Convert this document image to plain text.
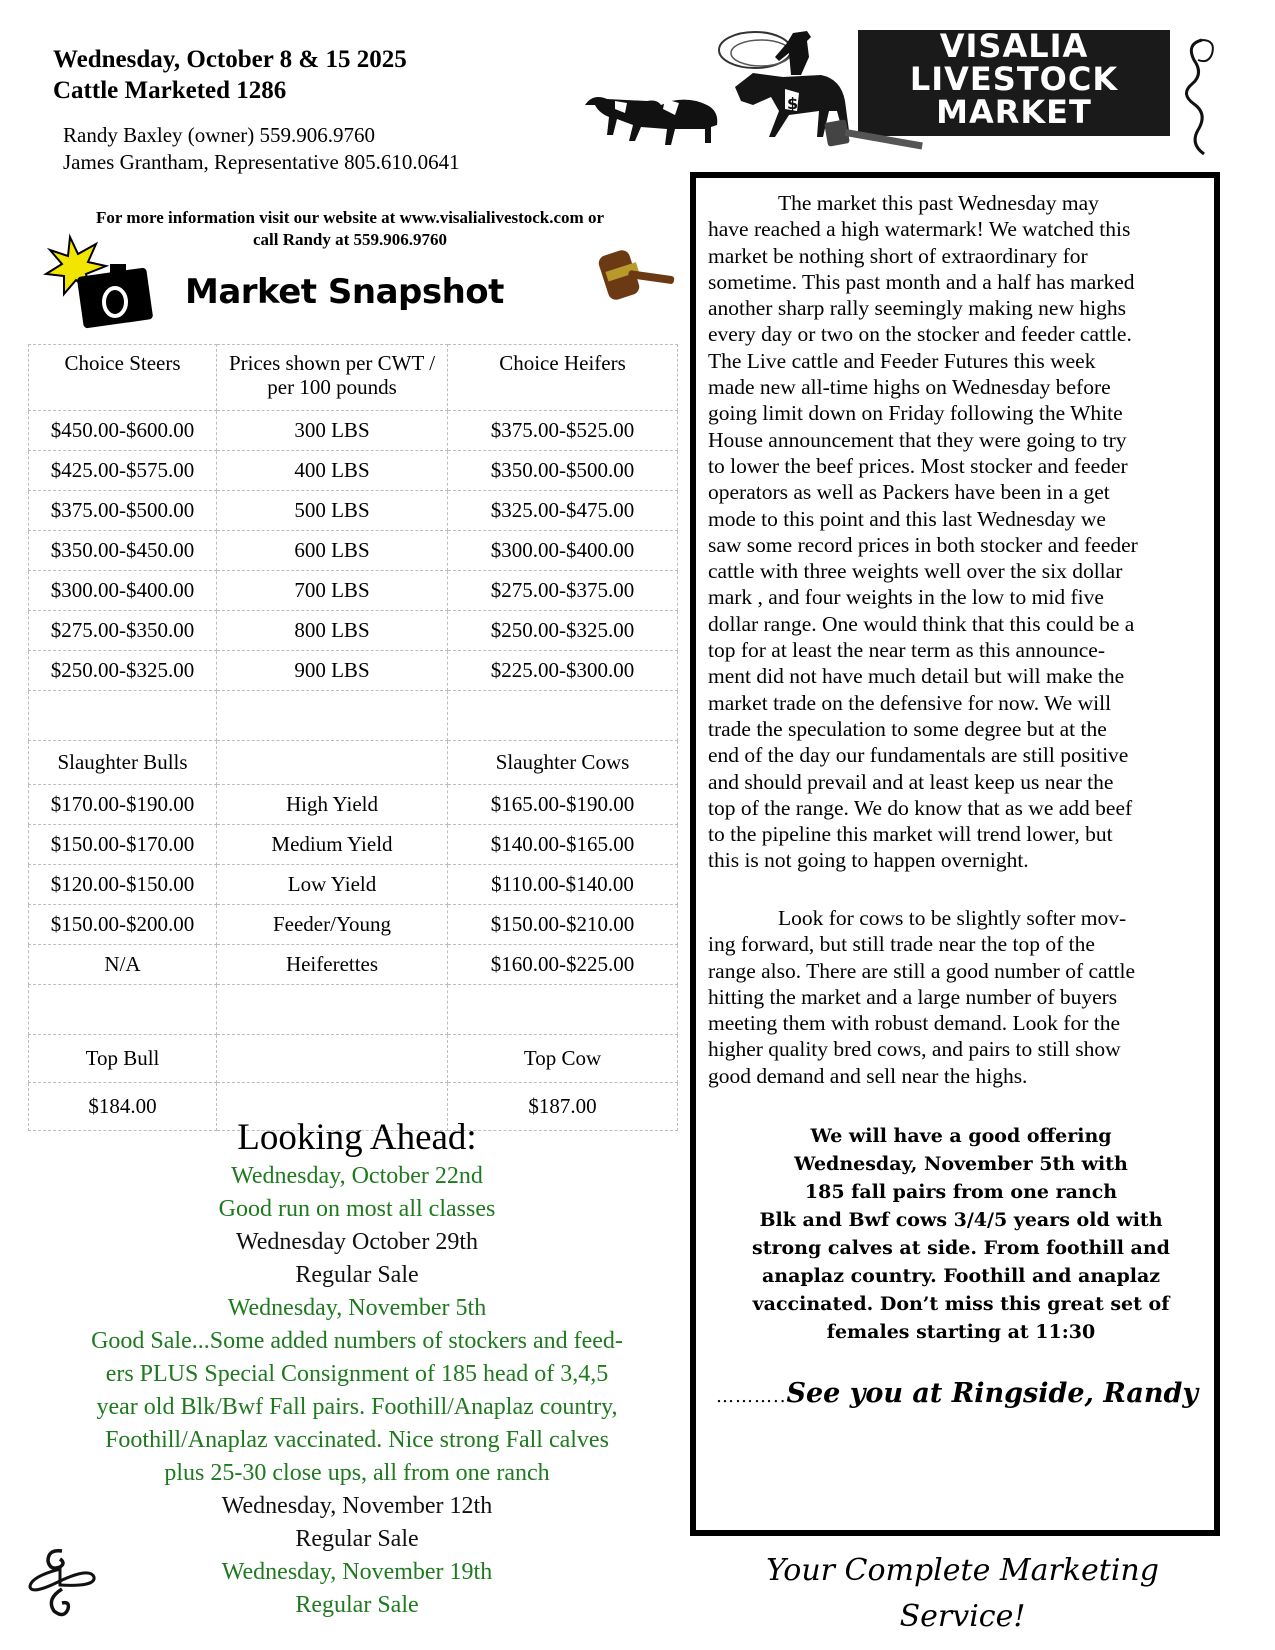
Wednesday, October 8 & 15 2025
Cattle Marketed 1286
Randy Baxley (owner) 559.906.9760
James Grantham, Representative 805.610.0641
For more information visit our website at www.visalialivestock.com or
call Randy at 559.906.9760
$
VISALIA
LIVESTOCK
MARKET
Market Snapshot
Choice Steers	Prices shown per CWT / per 100 pounds	Choice Heifers
$450.00-$600.00	300 LBS	$375.00-$525.00
$425.00-$575.00	400 LBS	$350.00-$500.00
$375.00-$500.00	500 LBS	$325.00-$475.00
$350.00-$450.00	600 LBS	$300.00-$400.00
$300.00-$400.00	700 LBS	$275.00-$375.00
$275.00-$350.00	800 LBS	$250.00-$325.00
$250.00-$325.00	900 LBS	$225.00-$300.00

Slaughter Bulls		Slaughter Cows
$170.00-$190.00	High Yield	$165.00-$190.00
$150.00-$170.00	Medium Yield	$140.00-$165.00
$120.00-$150.00	Low Yield	$110.00-$140.00
$150.00-$200.00	Feeder/Young	$150.00-$210.00
N/A	Heiferettes	$160.00-$225.00

Top Bull		Top Cow
$184.00		$187.00
Looking Ahead:
Wednesday, October 22nd
Good run on most all classes
Wednesday October 29th
Regular Sale
Wednesday, November 5th
Good Sale...Some added numbers of stockers and feed-
ers PLUS Special Consignment of 185 head of 3,4,5
year old Blk/Bwf Fall pairs. Foothill/Anaplaz country,
Foothill/Anaplaz vaccinated. Nice strong Fall calves
plus 25-30 close ups, all from one ranch
Wednesday, November 12th
Regular Sale
Wednesday, November 19th
Regular Sale
The market this past Wednesday may
have reached a high watermark! We watched this
market be nothing short of extraordinary for
sometime. This past month and a half has marked
another sharp rally seemingly making new highs
every day or two on the stocker and feeder cattle.
The Live cattle and Feeder Futures this week
made new all-time highs on Wednesday before
going limit down on Friday following the White
House announcement that they were going to try
to lower the beef prices. Most stocker and feeder
operators as well as Packers have been in a get
mode to this point and this last Wednesday we
saw some record prices in both stocker and feeder
cattle with three weights well over the six dollar
mark , and four weights in the low to mid five
dollar range. One would think that this could be a
top for at least the near term as this announce-
ment did not have much detail but will make the
market trade on the defensive for now. We will
trade the speculation to some degree but at the
end of the day our fundamentals are still positive
and should prevail and at least keep us near the
top of the range. We do know that as we add beef
to the pipeline this market will trend lower, but
this is not going to happen overnight.
Look for cows to be slightly softer mov-
ing forward, but still trade near the top of the
range also. There are still a good number of cattle
hitting the market and a large number of buyers
meeting them with robust demand. Look for the
higher quality bred cows, and pairs to still show
good demand and sell near the highs.
We will have a good offering
Wednesday, November 5th with
185 fall pairs from one ranch
Blk and Bwf cows 3/4/5 years old with
strong calves at side. From foothill and
anaplaz country. Foothill and anaplaz
vaccinated. Don’t miss this great set of
females starting at 11:30
………..See you at Ringside, Randy
Your Complete Marketing
Service!
